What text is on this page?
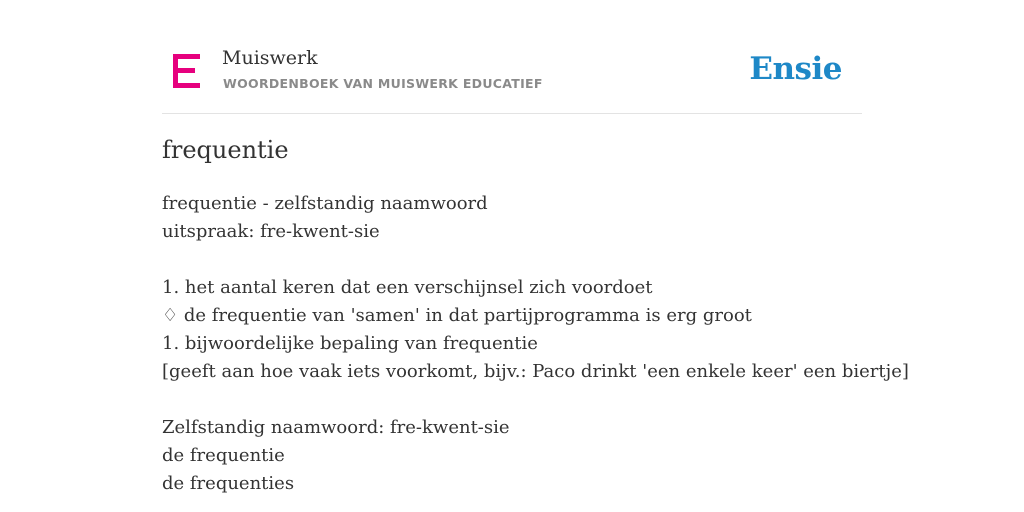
Muiswerk
WOORDENBOEK VAN MUISWERK EDUCATIEF	Ensie
frequentie
frequentie - zelfstandig naamwoord
uitspraak: fre-kwent-sie
1. het aantal keren dat een verschijnsel zich voordoet
♢ de frequentie van 'samen' in dat partijprogramma is erg groot
1. bijwoordelijke bepaling van frequentie
[geeft aan hoe vaak iets voorkomt, bijv.: Paco drinkt 'een enkele keer' een biertje]
Zelfstandig naamwoord: fre-kwent-sie
de frequentie
de frequenties
